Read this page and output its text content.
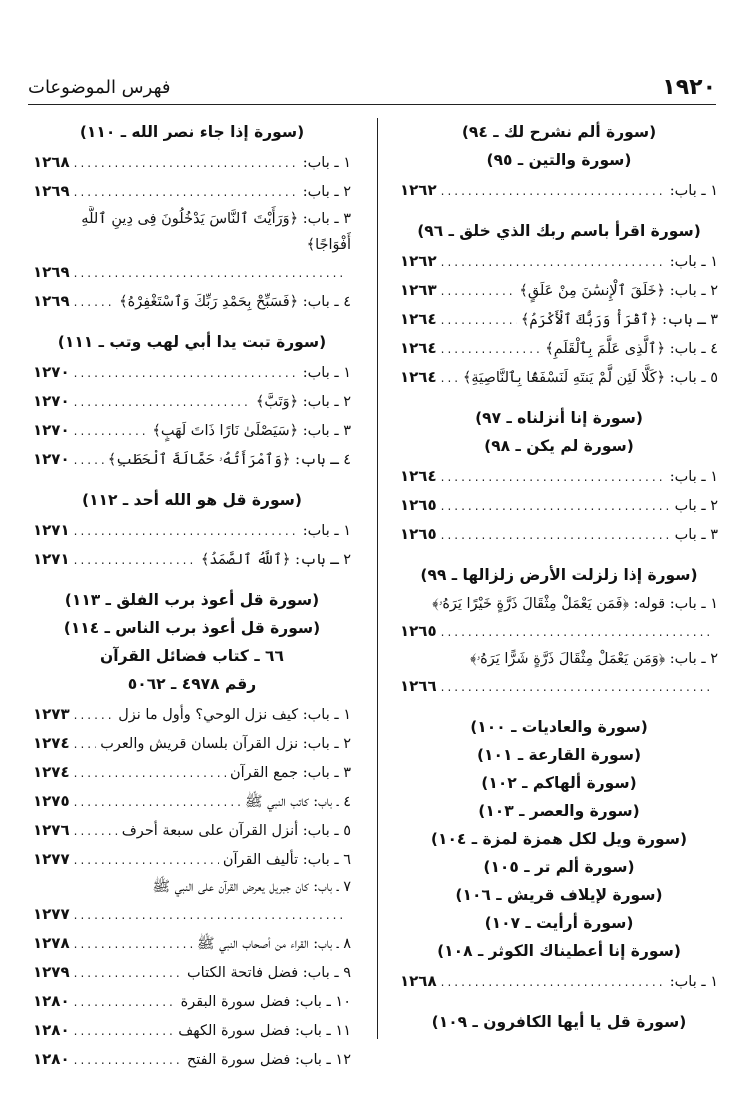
١٩٢٠
فهرس الموضوعات
(سورة ألم نشرح لك ـ ٩٤)
(سورة والتين ـ ٩٥)
١ ـ باب:
.....
١٢٦٢
(سورة اقرأ باسم ربك الذي خلق ـ ٩٦)
١ ـ باب:
.....
١٢٦٢
٢ ـ باب: ﴿خَلَقَ ٱلْإِنسَٰنَ مِنْ عَلَقٍ﴾
.....
١٢٦٣
٣ ـ باب: ﴿ٱقْرَأْ وَرَبُّكَ ٱلْأَكْرَمُ﴾
.....
١٢٦٤
٤ ـ باب: ﴿ٱلَّذِى عَلَّمَ بِٱلْقَلَمِ﴾
.....
١٢٦٤
٥ ـ باب: ﴿كَلَّا لَئِن لَّمْ يَنتَهِ لَنَسْفَعًۢا بِٱلنَّاصِيَةِ﴾
.....
١٢٦٤
(سورة إنا أنزلناه ـ ٩٧)
(سورة لم يكن ـ ٩٨)
١ ـ باب:
.....
١٢٦٤
٢ ـ باب
.....
١٢٦٥
٣ ـ باب
.....
١٢٦٥
(سورة إذا زلزلت الأرض زلزالها ـ ٩٩)
١ ـ باب: قوله: ﴿فَمَن يَعْمَلْ مِثْقَالَ ذَرَّةٍ خَيْرًا يَرَهُۥ﴾
.....
١٢٦٥
٢ ـ باب: ﴿وَمَن يَعْمَلْ مِثْقَالَ ذَرَّةٍ شَرًّا يَرَهُۥ﴾
.....
١٢٦٦
(سورة والعاديات ـ ١٠٠)
(سورة القارعة ـ ١٠١)
(سورة ألهاكم ـ ١٠٢)
(سورة والعصر ـ ١٠٣)
(سورة ويل لكل همزة لمزة ـ ١٠٤)
(سورة ألم تر ـ ١٠٥)
(سورة لإيلاف قريش ـ ١٠٦)
(سورة أرأيت ـ ١٠٧)
(سورة إنا أعطيناك الكوثر ـ ١٠٨)
١ ـ باب:
.....
١٢٦٨
(سورة قل يا أيها الكافرون ـ ١٠٩)
(سورة إذا جاء نصر الله ـ ١١٠)
١ ـ باب:
.....
١٢٦٨
٢ ـ باب:
.....
١٢٦٩
٣ ـ باب: ﴿وَرَأَيْتَ ٱلنَّاسَ يَدْخُلُونَ فِى دِينِ ٱللَّهِ أَفْوَاجًا﴾
.....
١٢٦٩
٤ ـ باب: ﴿فَسَبِّحْ بِحَمْدِ رَبِّكَ وَٱسْتَغْفِرْهُ﴾
.....
١٢٦٩
(سورة تبت يدا أبي لهب وتب ـ ١١١)
١ ـ باب:
.....
١٢٧٠
٢ ـ باب: ﴿وَتَبَّ﴾
.....
١٢٧٠
٣ ـ باب: ﴿سَيَصْلَىٰ نَارًا ذَاتَ لَهَبٍ﴾
.....
١٢٧٠
٤ ـ باب: ﴿وَٱمْرَأَتُهُۥ حَمَّالَةَ ٱلْحَطَبِ﴾
.....
١٢٧٠
(سورة قل هو الله أحد ـ ١١٢)
١ ـ باب:
.....
١٢٧١
٢ ـ باب: ﴿ٱللَّهُ ٱلصَّمَدُ﴾
.....
١٢٧١
(سورة قل أعوذ برب الفلق ـ ١١٣)
(سورة قل أعوذ برب الناس ـ ١١٤)
٦٦ ـ كتاب فضائل القرآن
رقم ٤٩٧٨ ـ ٥٠٦٢
١ ـ باب: كيف نزل الوحي؟ وأول ما نزل
.....
١٢٧٣
٢ ـ باب: نزل القرآن بلسان قريش والعرب
.....
١٢٧٤
٣ ـ باب: جمع القرآن
.....
١٢٧٤
٤ ـ باب: كاتب النبي ﷺ
.....
١٢٧٥
٥ ـ باب: أنزل القرآن على سبعة أحرف
.....
١٢٧٦
٦ ـ باب: تأليف القرآن
.....
١٢٧٧
٧ ـ باب: كان جبريل يعرض القرآن على النبي ﷺ
.....
١٢٧٧
٨ ـ باب: القراء من أصحاب النبي ﷺ
.....
١٢٧٨
٩ ـ باب: فضل فاتحة الكتاب
.....
١٢٧٩
١٠ ـ باب: فضل سورة البقرة
.....
١٢٨٠
١١ ـ باب: فضل سورة الكهف
.....
١٢٨٠
١٢ ـ باب: فضل سورة الفتح
.....
١٢٨٠
